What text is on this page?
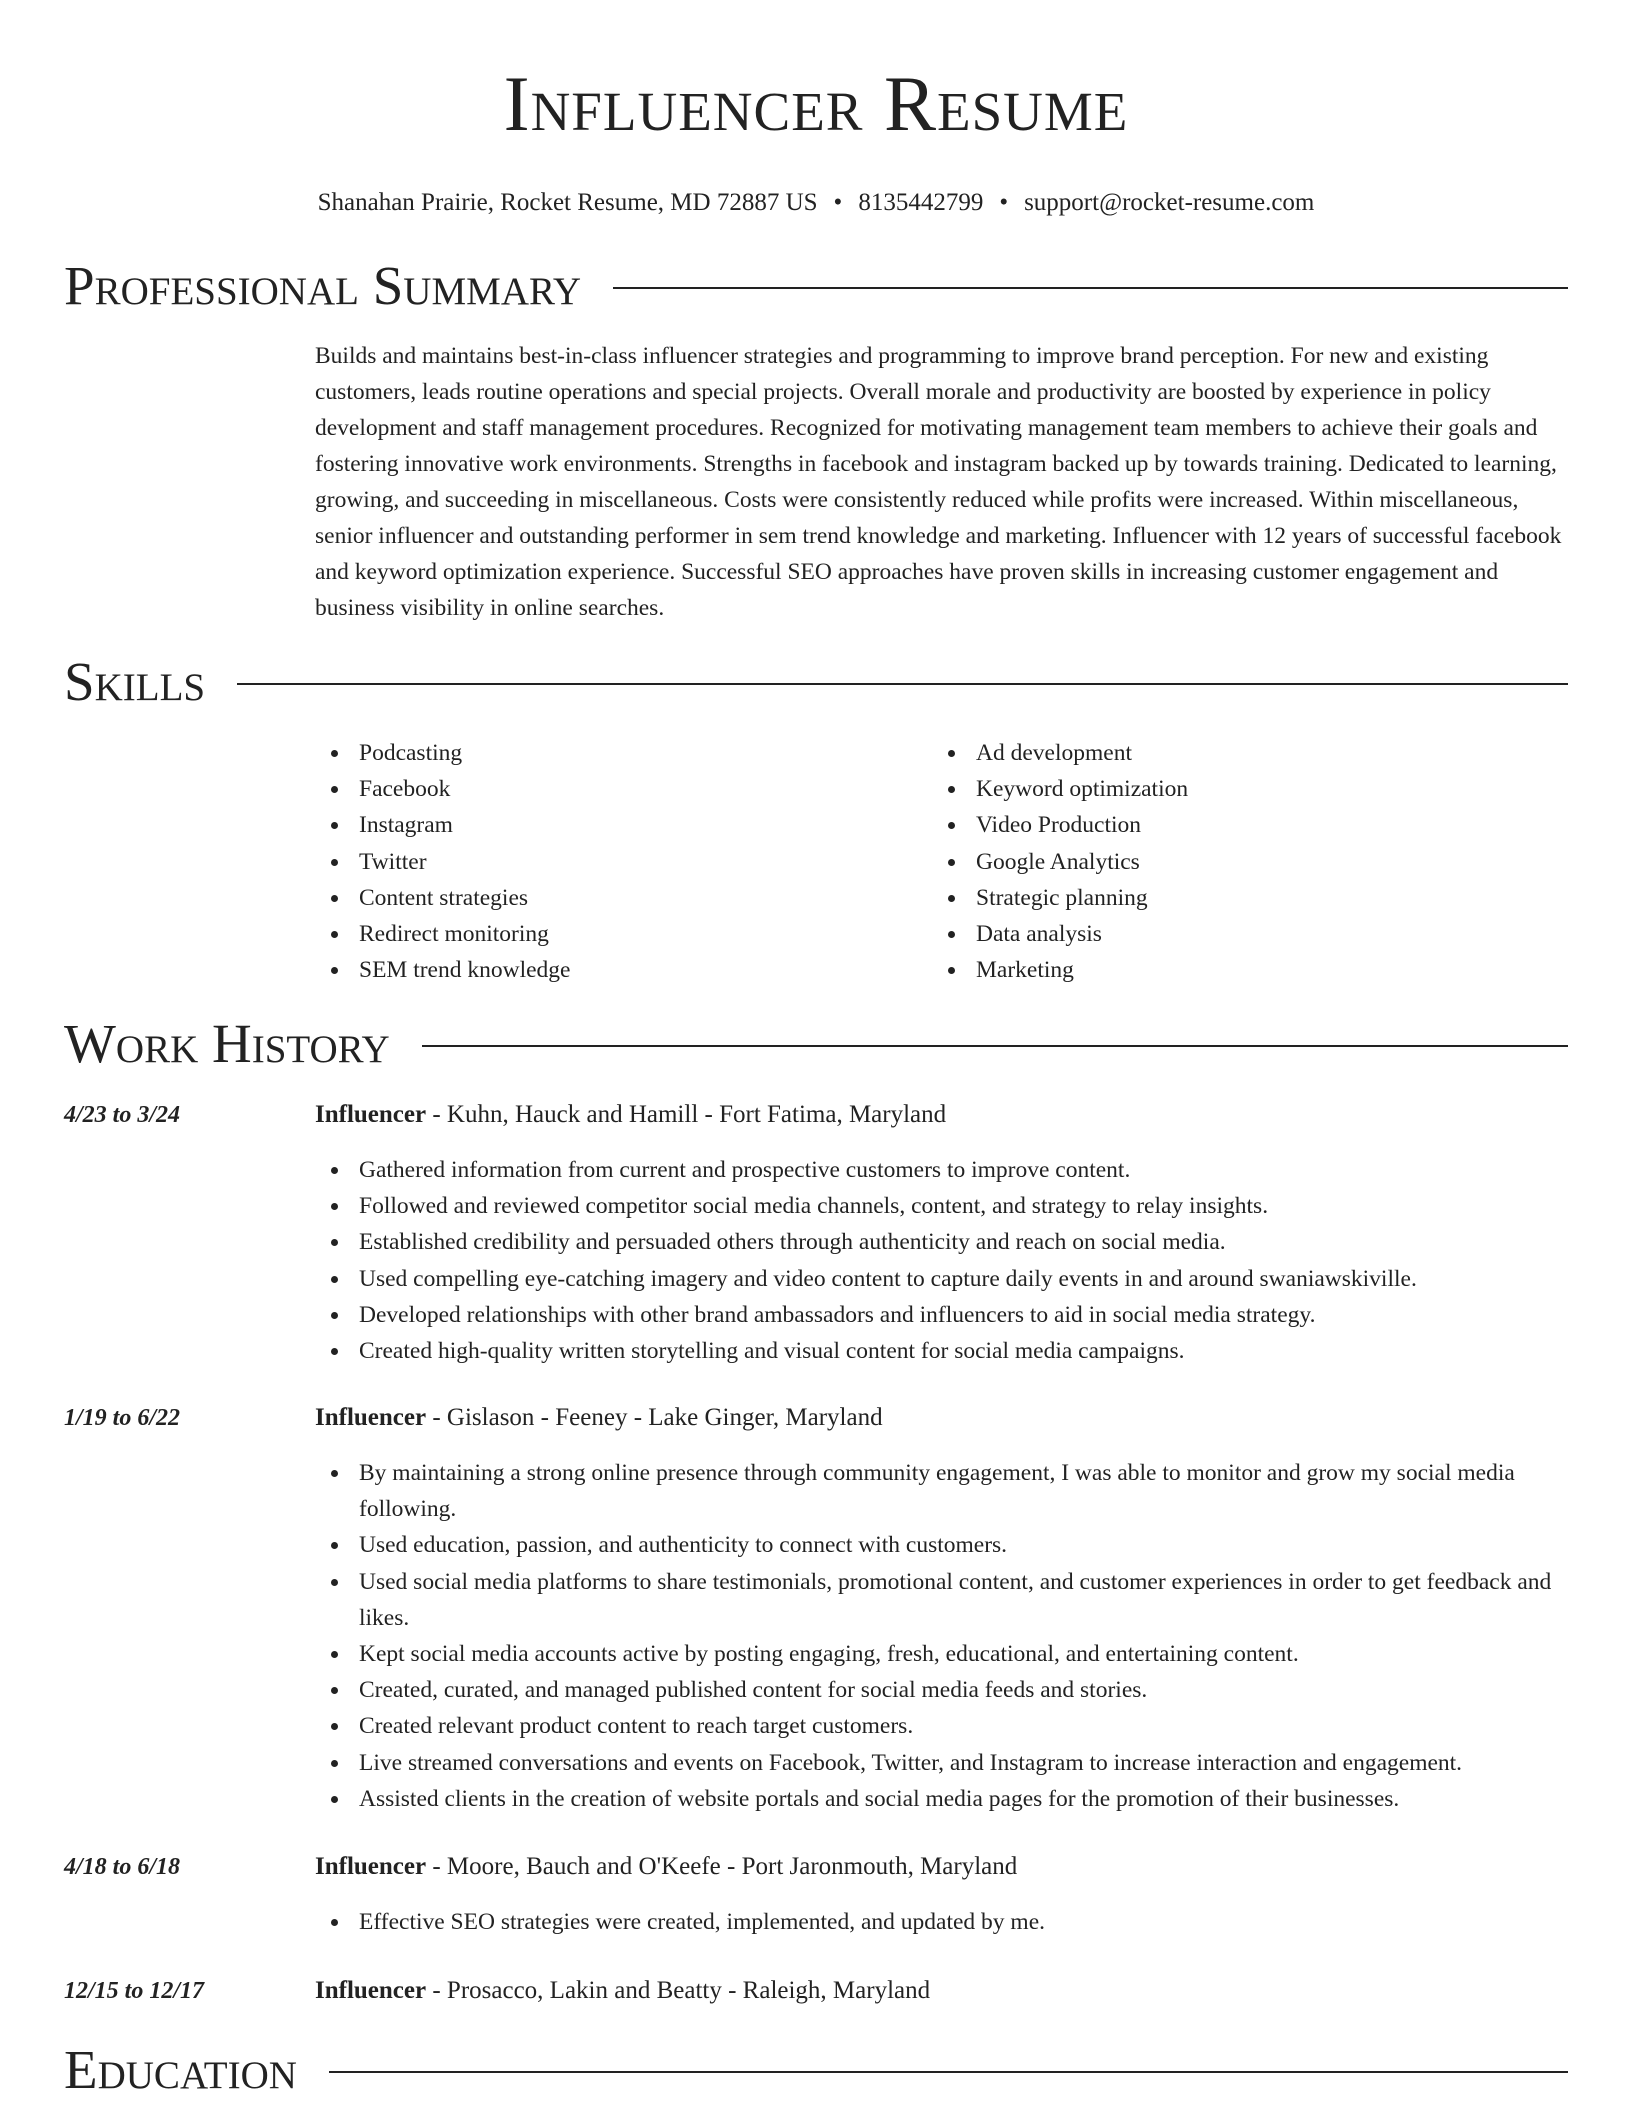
Influencer Resume
Shanahan Prairie, Rocket Resume, MD 72887 US • 8135442799 • support@rocket-resume.com
Professional Summary

Builds and maintains best-in-class influencer strategies and programming to improve brand perception. For new and existing customers, leads routine operations and special projects. Overall morale and productivity are boosted by experience in policy development and staff management procedures. Recognized for motivating management team members to achieve their goals and fostering innovative work environments. Strengths in facebook and instagram backed up by towards training. Dedicated to learning, growing, and succeeding in miscellaneous. Costs were consistently reduced while profits were increased. Within miscellaneous, senior influencer and outstanding performer in sem trend knowledge and marketing. Influencer with 12 years of successful facebook and keyword optimization experience. Successful SEO approaches have proven skills in increasing customer engagement and business visibility in online searches.

Skills
Podcasting
Facebook
Instagram
Twitter
Content strategies
Redirect monitoring
SEM trend knowledge
Ad development
Keyword optimization
Video Production
Google Analytics
Strategic planning
Data analysis
Marketing
Work History
4/23 to 3/24	Influencer - Kuhn, Hauck and Hamill - Fort Fatima, Maryland
Gathered information from current and prospective customers to improve content.
Followed and reviewed competitor social media channels, content, and strategy to relay insights.
Established credibility and persuaded others through authenticity and reach on social media.
Used compelling eye-catching imagery and video content to capture daily events in and around swaniawskiville.
Developed relationships with other brand ambassadors and influencers to aid in social media strategy.
Created high-quality written storytelling and visual content for social media campaigns.
1/19 to 6/22	Influencer - Gislason - Feeney - Lake Ginger, Maryland
By maintaining a strong online presence through community engagement, I was able to monitor and grow my social media following.
Used education, passion, and authenticity to connect with customers.
Used social media platforms to share testimonials, promotional content, and customer experiences in order to get feedback and likes.
Kept social media accounts active by posting engaging, fresh, educational, and entertaining content.
Created, curated, and managed published content for social media feeds and stories.
Created relevant product content to reach target customers.
Live streamed conversations and events on Facebook, Twitter, and Instagram to increase interaction and engagement.
Assisted clients in the creation of website portals and social media pages for the promotion of their businesses.
4/18 to 6/18	Influencer - Moore, Bauch and O'Keefe - Port Jaronmouth, Maryland
Effective SEO strategies were created, implemented, and updated by me.
12/15 to 12/17	Influencer - Prosacco, Lakin and Beatty - Raleigh, Maryland
Education
